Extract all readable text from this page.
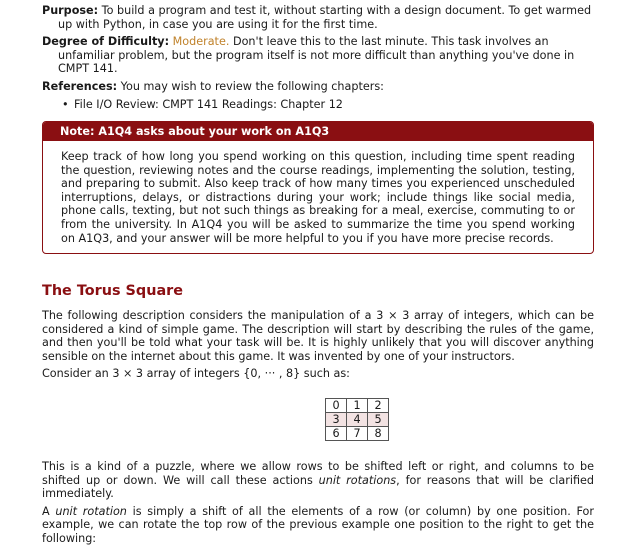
Purpose: To build a program and test it, without starting with a design document. To get warmed up with Python, in case you are using it for the first time.

Degree of Difficulty: Moderate. Don't leave this to the last minute. This task involves an unfamiliar problem, but the program itself is not more difficult than anything you've done in CMPT 141.

References: You may wish to review the following chapters:

• File I/O Review: CMPT 141 Readings: Chapter 12
Note: A1Q4 asks about your work on A1Q3
Keep track of how long you spend working on this question, including time spent reading the question, reviewing notes and the course readings, implementing the solution, testing, and preparing to submit. Also keep track of how many times you experienced unscheduled interruptions, delays, or distractions during your work; include things like social media, phone calls, texting, but not such things as breaking for a meal, exercise, commuting to or from the university. In A1Q4 you will be asked to summarize the time you spend working on A1Q3, and your answer will be more helpful to you if you have more precise records.
The Torus Square

The following description considers the manipulation of a 3 × 3 array of integers, which can be considered a kind of simple game. The description will start by describing the rules of the game, and then you'll be told what your task will be. It is highly unlikely that you will discover anything sensible on the internet about this game. It was invented by one of your instructors.

Consider an 3 × 3 array of integers {0, ··· , 8} such as:

0	1	2
3	4	5
6	7	8

This is a kind of a puzzle, where we allow rows to be shifted left or right, and columns to be shifted up or down. We will call these actions unit rotations, for reasons that will be clarified immediately.

A unit rotation is simply a shift of all the elements of a row (or column) by one position. For example, we can rotate the top row of the previous example one position to the right to get the following:
